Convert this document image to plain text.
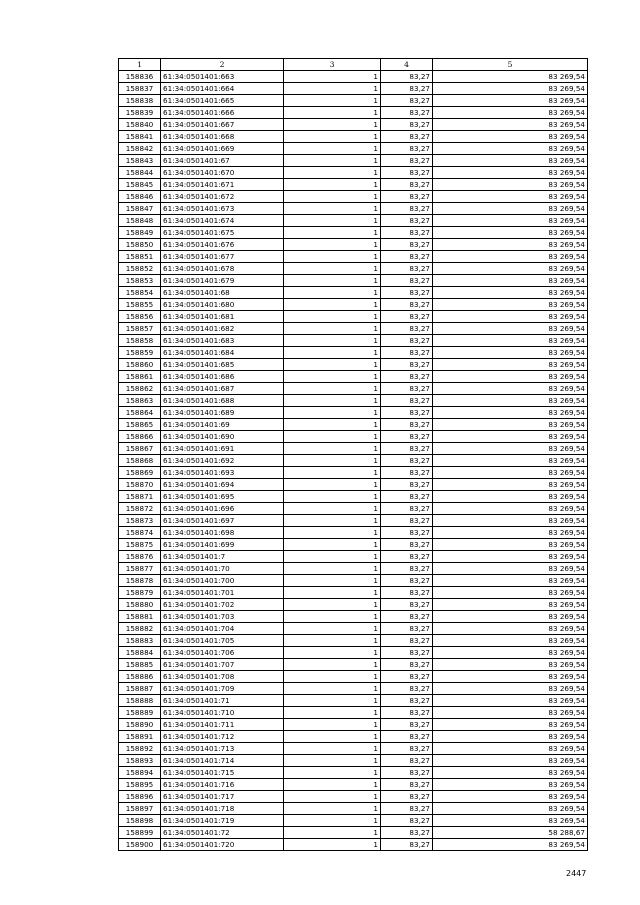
1	2	3	4	5
158836	61:34:0501401:663	1	83,27	83 269,54
158837	61:34:0501401:664	1	83,27	83 269,54
158838	61:34:0501401:665	1	83,27	83 269,54
158839	61:34:0501401:666	1	83,27	83 269,54
158840	61:34:0501401:667	1	83,27	83 269,54
158841	61:34:0501401:668	1	83,27	83 269,54
158842	61:34:0501401:669	1	83,27	83 269,54
158843	61:34:0501401:67	1	83,27	83 269,54
158844	61:34:0501401:670	1	83,27	83 269,54
158845	61:34:0501401:671	1	83,27	83 269,54
158846	61:34:0501401:672	1	83,27	83 269,54
158847	61:34:0501401:673	1	83,27	83 269,54
158848	61:34:0501401:674	1	83,27	83 269,54
158849	61:34:0501401:675	1	83,27	83 269,54
158850	61:34:0501401:676	1	83,27	83 269,54
158851	61:34:0501401:677	1	83,27	83 269,54
158852	61:34:0501401:678	1	83,27	83 269,54
158853	61:34:0501401:679	1	83,27	83 269,54
158854	61:34:0501401:68	1	83,27	83 269,54
158855	61:34:0501401:680	1	83,27	83 269,54
158856	61:34:0501401:681	1	83,27	83 269,54
158857	61:34:0501401:682	1	83,27	83 269,54
158858	61:34:0501401:683	1	83,27	83 269,54
158859	61:34:0501401:684	1	83,27	83 269,54
158860	61:34:0501401:685	1	83,27	83 269,54
158861	61:34:0501401:686	1	83,27	83 269,54
158862	61:34:0501401:687	1	83,27	83 269,54
158863	61:34:0501401:688	1	83,27	83 269,54
158864	61:34:0501401:689	1	83,27	83 269,54
158865	61:34:0501401:69	1	83,27	83 269,54
158866	61:34:0501401:690	1	83,27	83 269,54
158867	61:34:0501401:691	1	83,27	83 269,54
158868	61:34:0501401:692	1	83,27	83 269,54
158869	61:34:0501401:693	1	83,27	83 269,54
158870	61:34:0501401:694	1	83,27	83 269,54
158871	61:34:0501401:695	1	83,27	83 269,54
158872	61:34:0501401:696	1	83,27	83 269,54
158873	61:34:0501401:697	1	83,27	83 269,54
158874	61:34:0501401:698	1	83,27	83 269,54
158875	61:34:0501401:699	1	83,27	83 269,54
158876	61:34:0501401:7	1	83,27	83 269,54
158877	61:34:0501401:70	1	83,27	83 269,54
158878	61:34:0501401:700	1	83,27	83 269,54
158879	61:34:0501401:701	1	83,27	83 269,54
158880	61:34:0501401:702	1	83,27	83 269,54
158881	61:34:0501401:703	1	83,27	83 269,54
158882	61:34:0501401:704	1	83,27	83 269,54
158883	61:34:0501401:705	1	83,27	83 269,54
158884	61:34:0501401:706	1	83,27	83 269,54
158885	61:34:0501401:707	1	83,27	83 269,54
158886	61:34:0501401:708	1	83,27	83 269,54
158887	61:34:0501401:709	1	83,27	83 269,54
158888	61:34:0501401:71	1	83,27	83 269,54
158889	61:34:0501401:710	1	83,27	83 269,54
158890	61:34:0501401:711	1	83,27	83 269,54
158891	61:34:0501401:712	1	83,27	83 269,54
158892	61:34:0501401:713	1	83,27	83 269,54
158893	61:34:0501401:714	1	83,27	83 269,54
158894	61:34:0501401:715	1	83,27	83 269,54
158895	61:34:0501401:716	1	83,27	83 269,54
158896	61:34:0501401:717	1	83,27	83 269,54
158897	61:34:0501401:718	1	83,27	83 269,54
158898	61:34:0501401:719	1	83,27	83 269,54
158899	61:34:0501401:72	1	83,27	58 288,67
158900	61:34:0501401:720	1	83,27	83 269,54
2447
